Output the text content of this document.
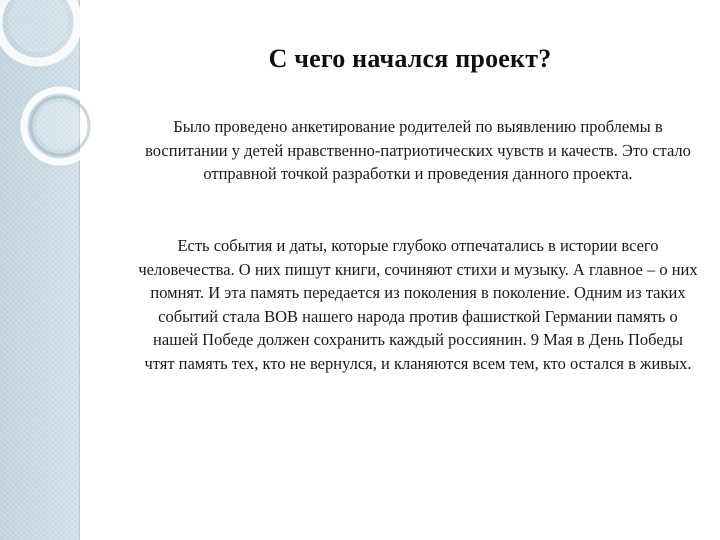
С чего начался проект?

Было проведено анкетирование родителей по выявлению проблемы в воспитании у детей нравственно-патриотических чувств и качеств. Это стало отправной точкой разработки и проведения данного проекта.

Есть события и даты, которые глубоко отпечатались в истории всего человечества. О них пишут книги, сочиняют стихи и музыку. А главное – о них помнят. И эта память передается из поколения в поколение. Одним из таких событий стала ВОВ нашего народа против фашисткой Германии память о нашей Победе должен сохранить каждый россиянин. 9 Мая в День Победы чтят память тех, кто не вернулся, и кланяются всем тем, кто остался в живых.
